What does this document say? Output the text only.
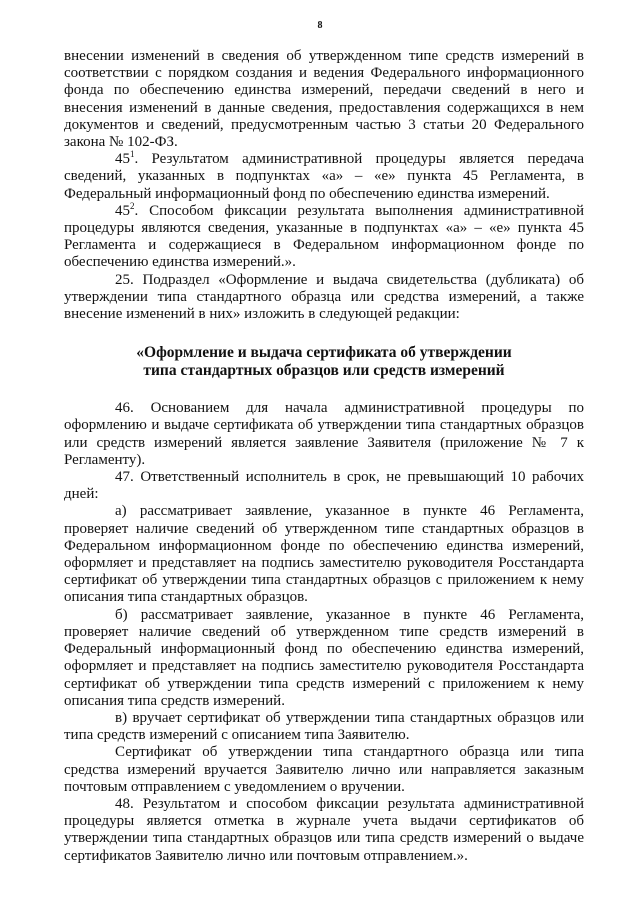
8

внесении изменений в сведения об утвержденном типе средств измерений в соответствии с порядком создания и ведения Федерального информационного фонда по обеспечению единства измерений, передачи сведений в него и внесения изменений в данные сведения, предоставления содержащихся в нем документов и сведений, предусмотренным частью 3 статьи 20 Федерального закона № 102-ФЗ.

$45^1$. Результатом административной процедуры является передача сведений, указанных в подпунктах «а» – «е» пункта 45 Регламента, в Федеральный информационный фонд по обеспечению единства измерений.

$45^2$. Способом фиксации результата выполнения административной процедуры являются сведения, указанные в подпунктах «а» – «е» пункта 45 Регламента и содержащиеся в Федеральном информационном фонде по обеспечению единства измерений.».

25. Подраздел «Оформление и выдача свидетельства (дубликата) об утверждении типа стандартного образца или средства измерений, а также внесение изменений в них» изложить в следующей редакции:

«Оформление и выдача сертификата об утверждении
типа стандартных образцов или средств измерений

46. Основанием для начала административной процедуры по оформлению и выдаче сертификата об утверждении типа стандартных образцов или средств измерений является заявление Заявителя (приложение № 7 к Регламенту).

47. Ответственный исполнитель в срок, не превышающий 10 рабочих дней:

а) рассматривает заявление, указанное в пункте 46 Регламента, проверяет наличие сведений об утвержденном типе стандартных образцов в Федеральном информационном фонде по обеспечению единства измерений, оформляет и представляет на подпись заместителю руководителя Росстандарта сертификат об утверждении типа стандартных образцов с приложением к нему описания типа стандартных образцов.

б) рассматривает заявление, указанное в пункте 46 Регламента, проверяет наличие сведений об утвержденном типе средств измерений в Федеральный информационный фонд по обеспечению единства измерений, оформляет и представляет на подпись заместителю руководителя Росстандарта сертификат об утверждении типа средств измерений с приложением к нему описания типа средств измерений.

в) вручает сертификат об утверждении типа стандартных образцов или типа средств измерений с описанием типа Заявителю.

Сертификат об утверждении типа стандартного образца или типа средства измерений вручается Заявителю лично или направляется заказным почтовым отправлением с уведомлением о вручении.

48. Результатом и способом фиксации результата административной процедуры является отметка в журнале учета выдачи сертификатов об утверждении типа стандартных образцов или типа средств измерений о выдаче сертификатов Заявителю лично или почтовым отправлением.».
